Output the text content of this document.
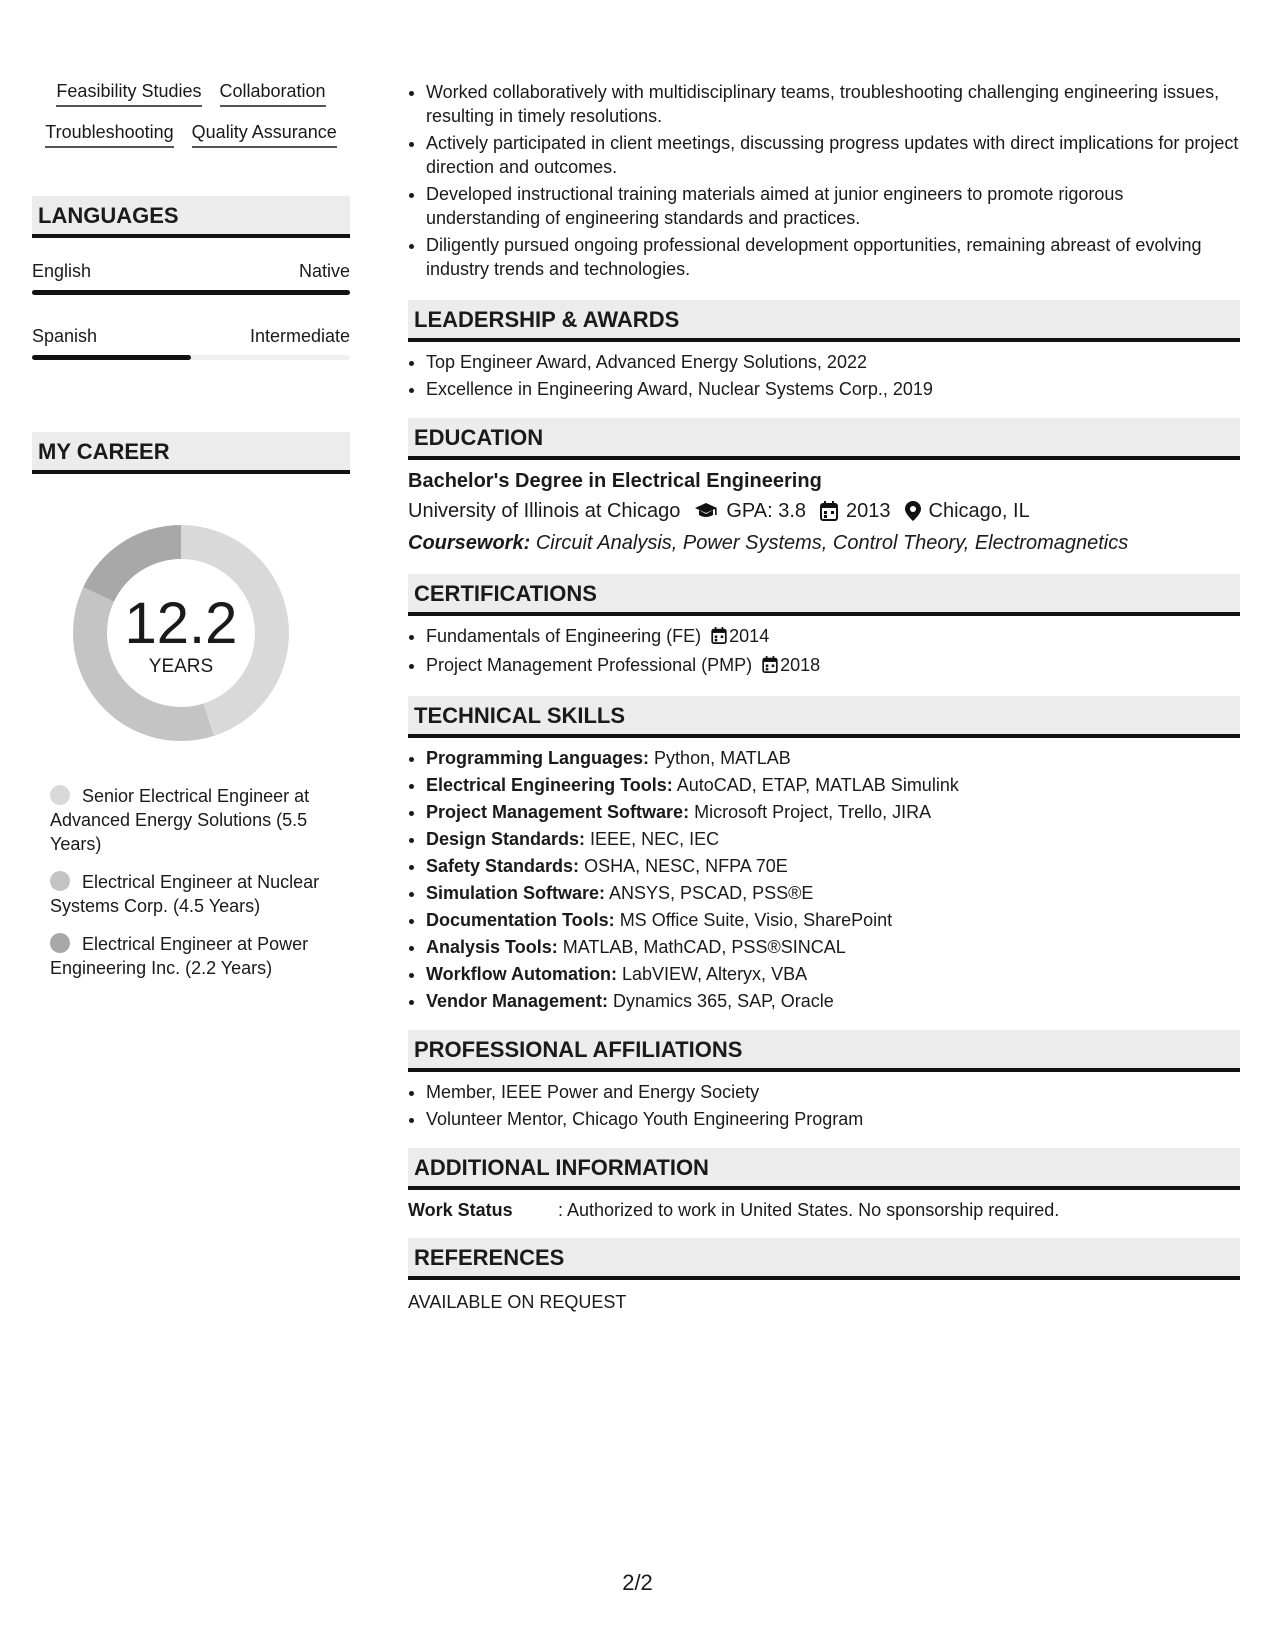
Feasibility Studies Collaboration
Troubleshooting Quality Assurance
LANGUAGES
English	Native
Spanish	Intermediate
MY CAREER
12.2
YEARS
Senior Electrical Engineer at Advanced Energy Solutions (5.5 Years)
Electrical Engineer at Nuclear Systems Corp. (4.5 Years)
Electrical Engineer at Power Engineering Inc. (2.2 Years)
• Worked collaboratively with multidisciplinary teams, troubleshooting challenging engineering issues, resulting in timely resolutions.
• Actively participated in client meetings, discussing progress updates with direct implications for project direction and outcomes.
• Developed instructional training materials aimed at junior engineers to promote rigorous understanding of engineering standards and practices.
• Diligently pursued ongoing professional development opportunities, remaining abreast of evolving industry trends and technologies.
LEADERSHIP & AWARDS
• Top Engineer Award, Advanced Energy Solutions, 2022
• Excellence in Engineering Award, Nuclear Systems Corp., 2019
EDUCATION
Bachelor's Degree in Electrical Engineering
University of Illinois at Chicago GPA: 3.8 2013 Chicago, IL
Coursework: Circuit Analysis, Power Systems, Control Theory, Electromagnetics
CERTIFICATIONS
• Fundamentals of Engineering (FE) 2014
• Project Management Professional (PMP) 2018
TECHNICAL SKILLS
• Programming Languages: Python, MATLAB
• Electrical Engineering Tools: AutoCAD, ETAP, MATLAB Simulink
• Project Management Software: Microsoft Project, Trello, JIRA
• Design Standards: IEEE, NEC, IEC
• Safety Standards: OSHA, NESC, NFPA 70E
• Simulation Software: ANSYS, PSCAD, PSS®E
• Documentation Tools: MS Office Suite, Visio, SharePoint
• Analysis Tools: MATLAB, MathCAD, PSS®SINCAL
• Workflow Automation: LabVIEW, Alteryx, VBA
• Vendor Management: Dynamics 365, SAP, Oracle
PROFESSIONAL AFFILIATIONS
• Member, IEEE Power and Energy Society
• Volunteer Mentor, Chicago Youth Engineering Program
ADDITIONAL INFORMATION
Work Status	: Authorized to work in United States. No sponsorship required.
REFERENCES
AVAILABLE ON REQUEST
2/2
